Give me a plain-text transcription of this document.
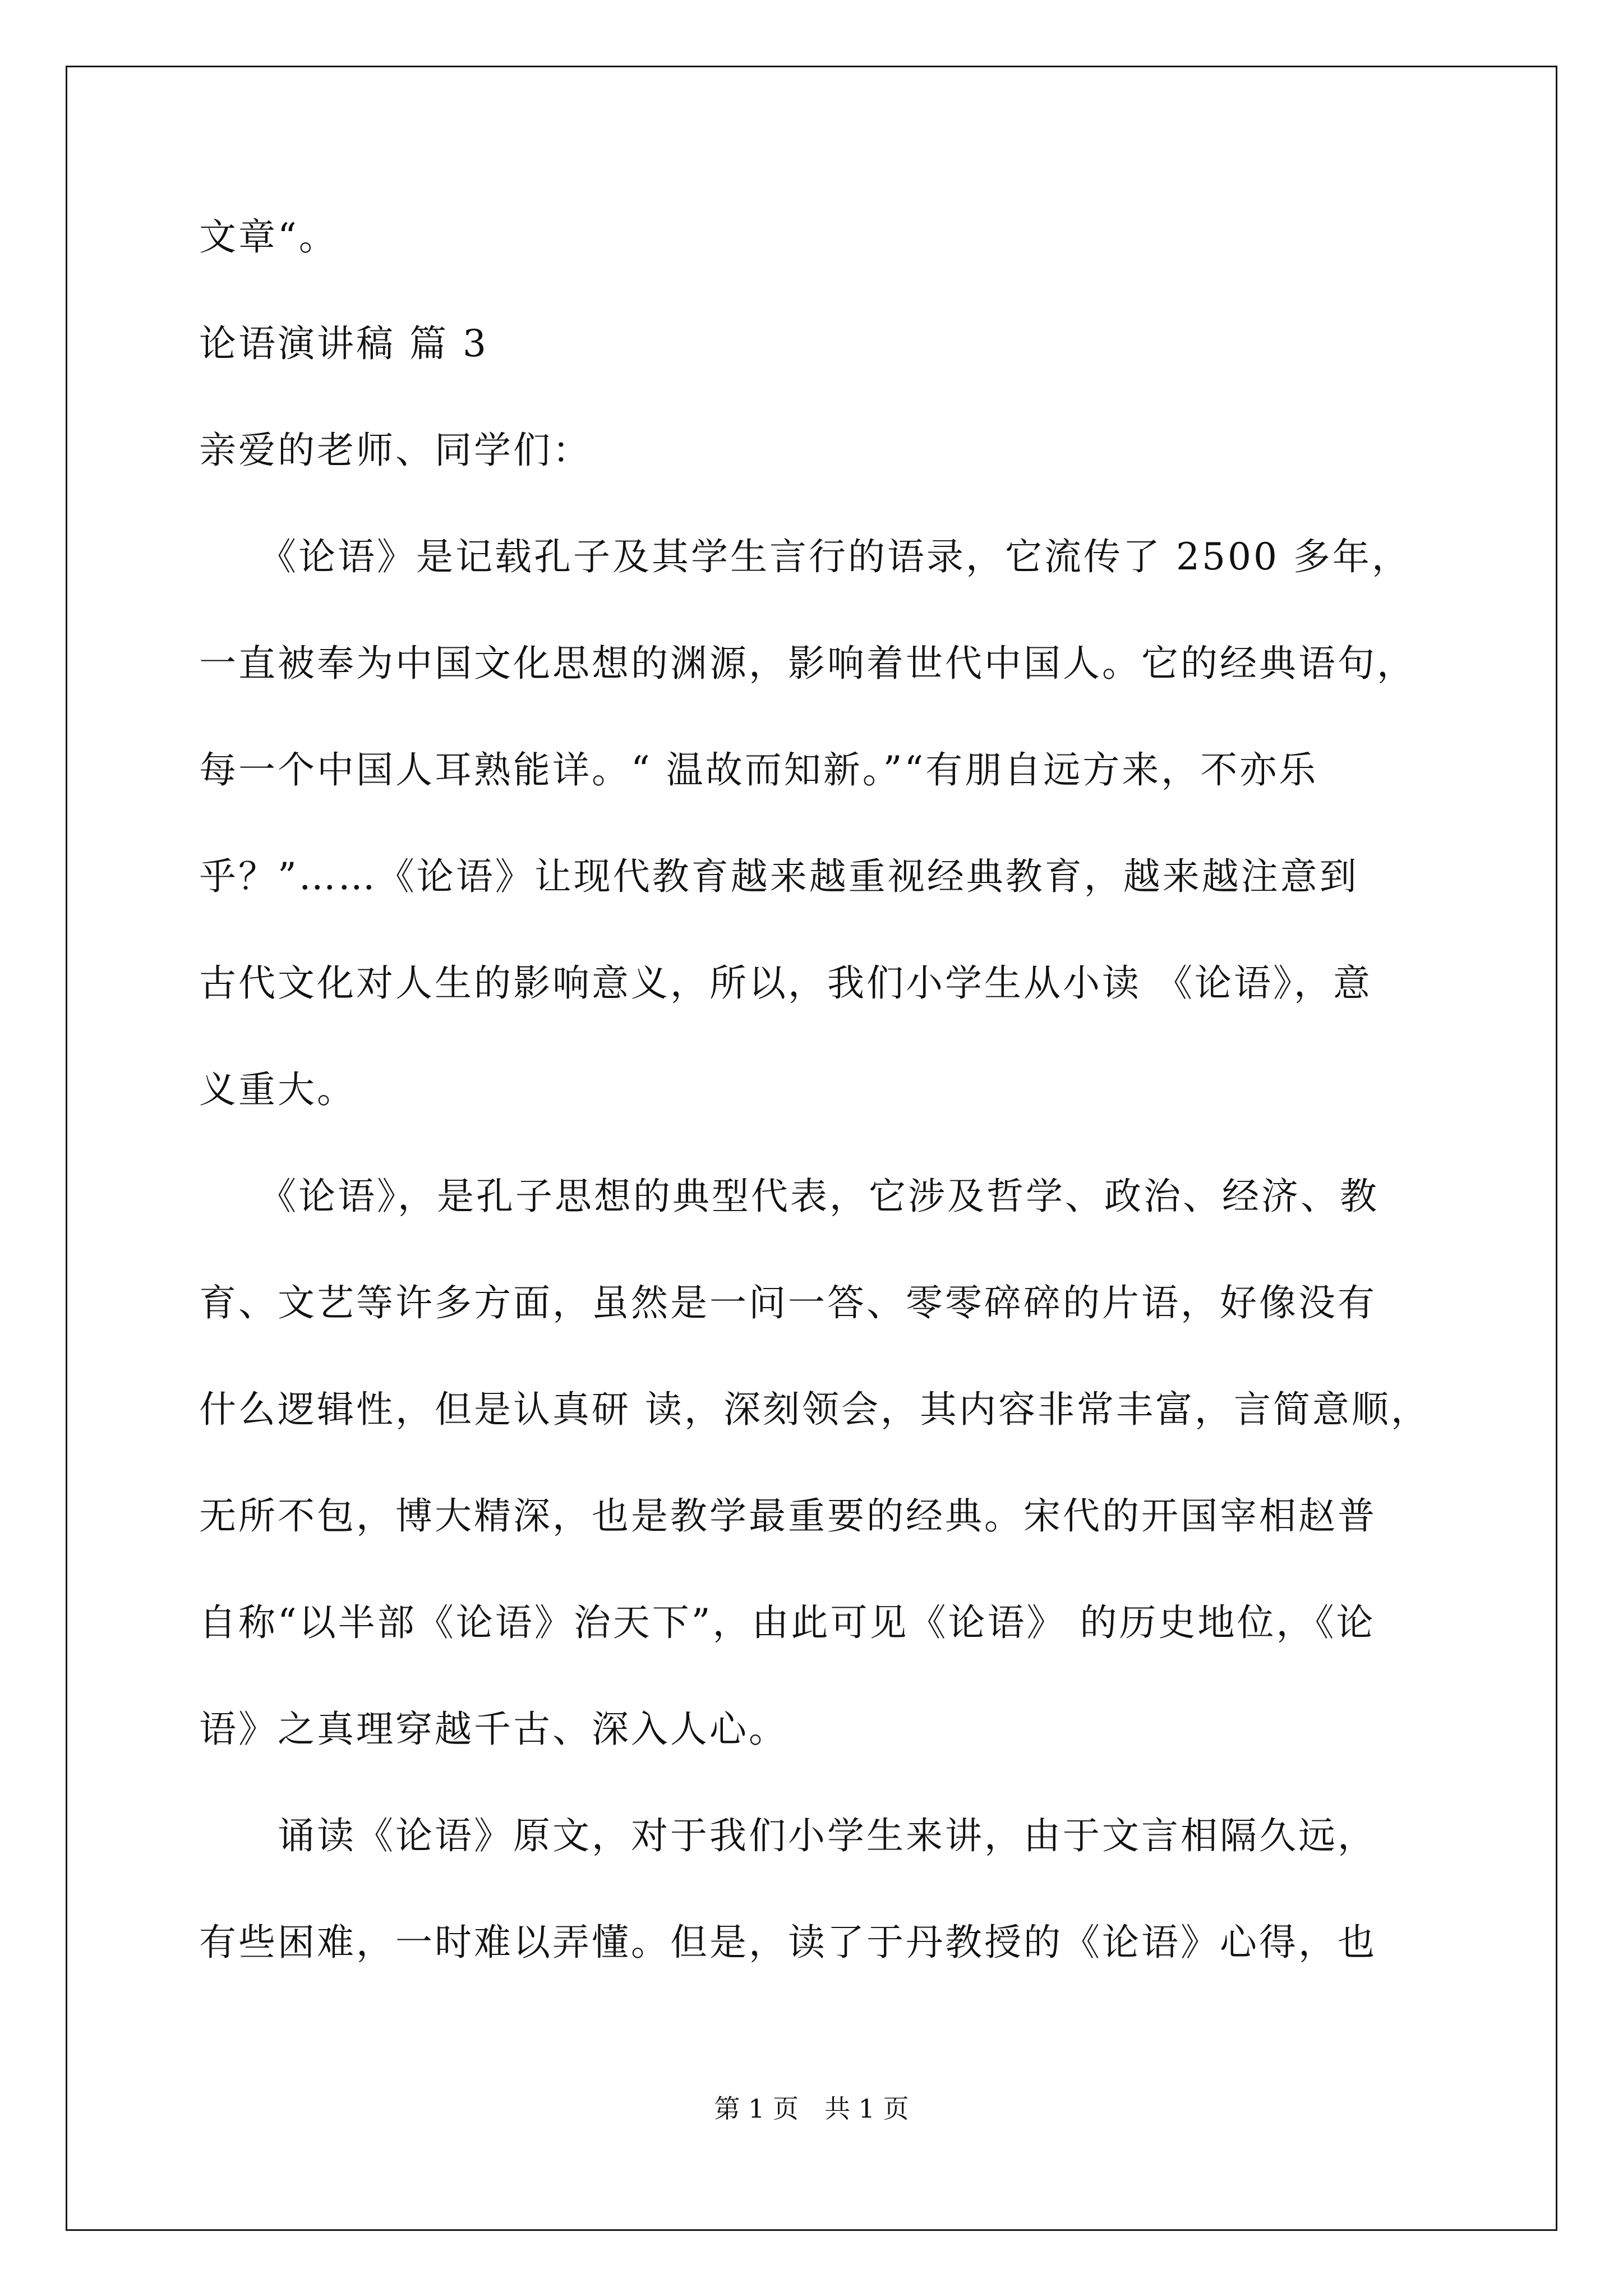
文章“。
论语演讲稿 篇 3
亲爱的老师、同学们：
　　《论语》是记载孔子及其学生言行的语录，它流传了 2500 多年，
一直被奉为中国文化思想的渊源，影响着世代中国人。它的经典语句，
每一个中国人耳熟能详。“ 温故而知新。”“有朋自远方来，不亦乐
乎？”……《论语》让现代教育越来越重视经典教育，越来越注意到
古代文化对人生的影响意义，所以，我们小学生从小读 《论语》，意
义重大。
　　《论语》，是孔子思想的典型代表，它涉及哲学、政治、经济、教
育、文艺等许多方面，虽然是一问一答、零零碎碎的片语，好像没有
什么逻辑性，但是认真研 读，深刻领会，其内容非常丰富，言简意顺，
无所不包，博大精深，也是教学最重要的经典。宋代的开国宰相赵普
自称“以半部《论语》治天下”，由此可见《论语》 的历史地位，《论
语》之真理穿越千古、深入人心。
　　诵读《论语》原文，对于我们小学生来讲，由于文言相隔久远，
有些困难，一时难以弄懂。但是，读了于丹教授的《论语》心得，也
第 1 页　共 1 页
